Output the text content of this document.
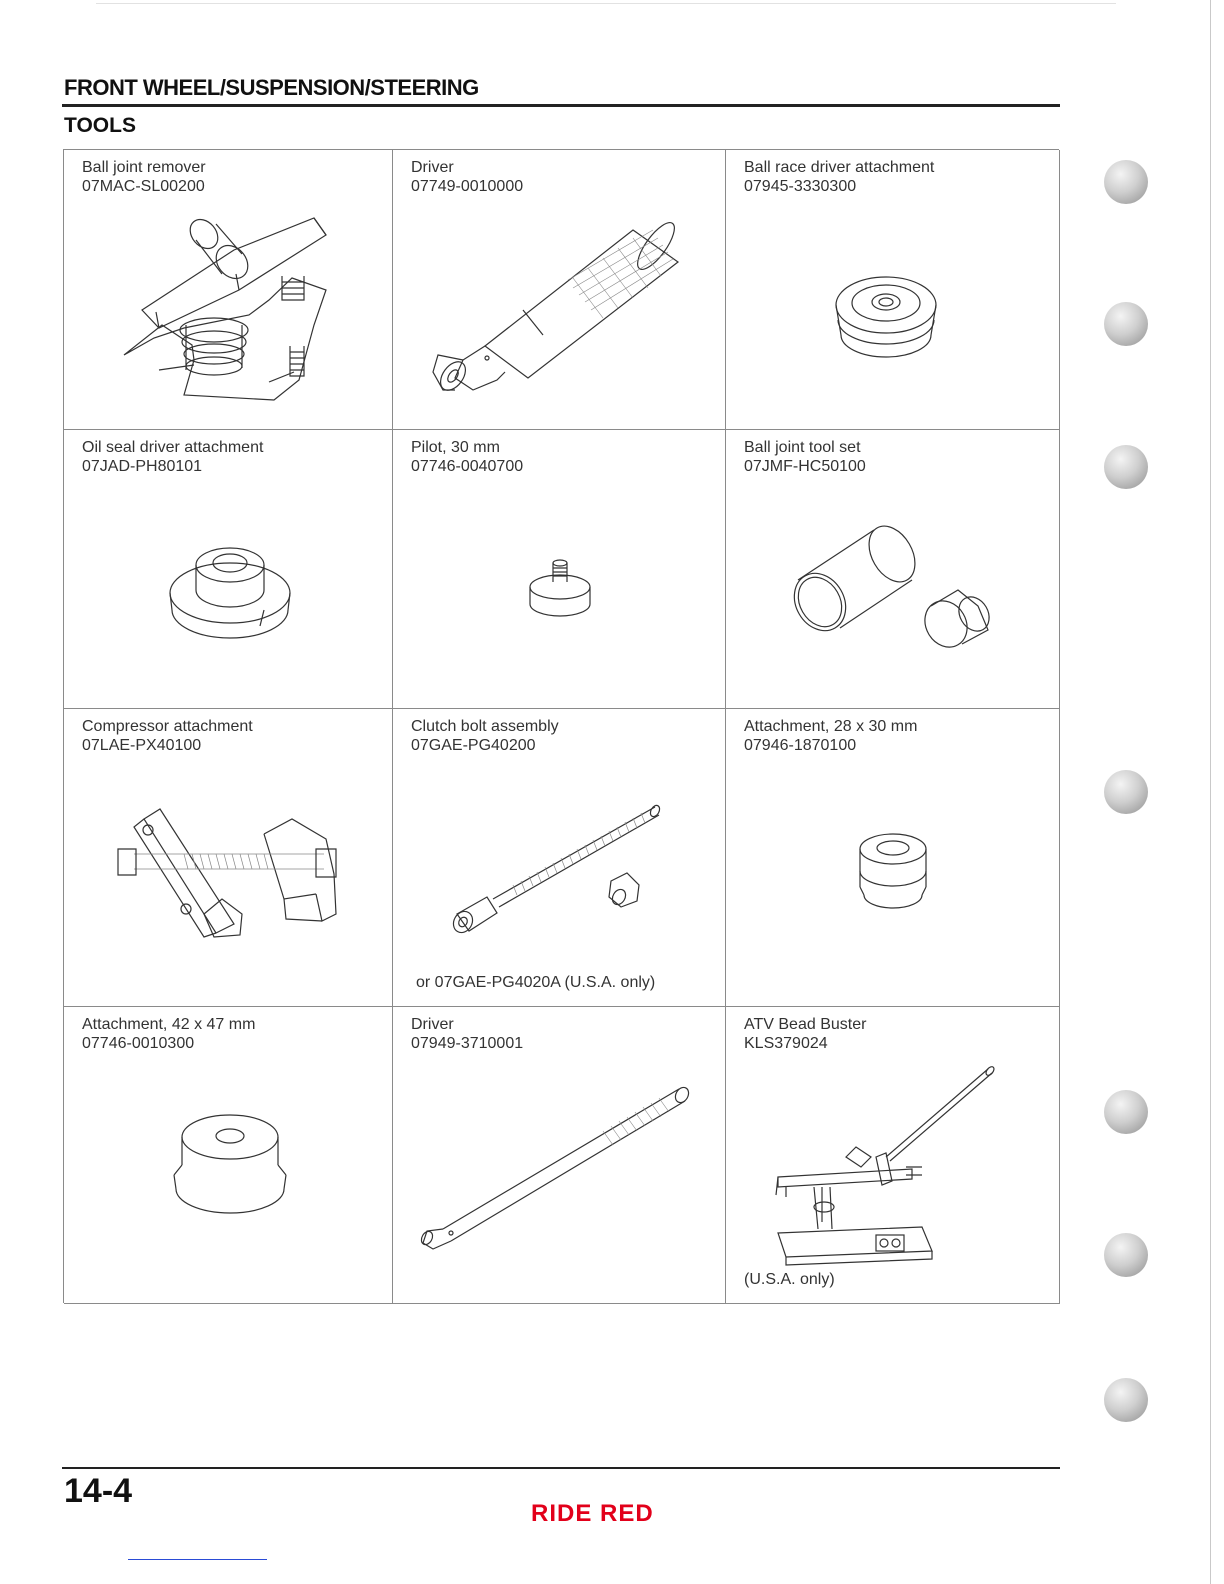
FRONT WHEEL/SUSPENSION/STEERING
TOOLS
Ball joint remover
07MAC-SL00200
Driver
07749-0010000
Ball race driver attachment
07945-3330300
Oil seal driver attachment
07JAD-PH80101
Pilot, 30 mm
07746-0040700
Ball joint tool set
07JMF-HC50100
Compressor attachment
07LAE-PX40100
Clutch bolt assembly
07GAE-PG40200
or 07GAE-PG4020A (U.S.A. only)
Attachment, 28 x 30 mm
07946-1870100
Attachment, 42 x 47 mm
07746-0010300
Driver
07949-3710001
ATV Bead Buster
KLS379024
(U.S.A. only)
14-4
RIDE RED
